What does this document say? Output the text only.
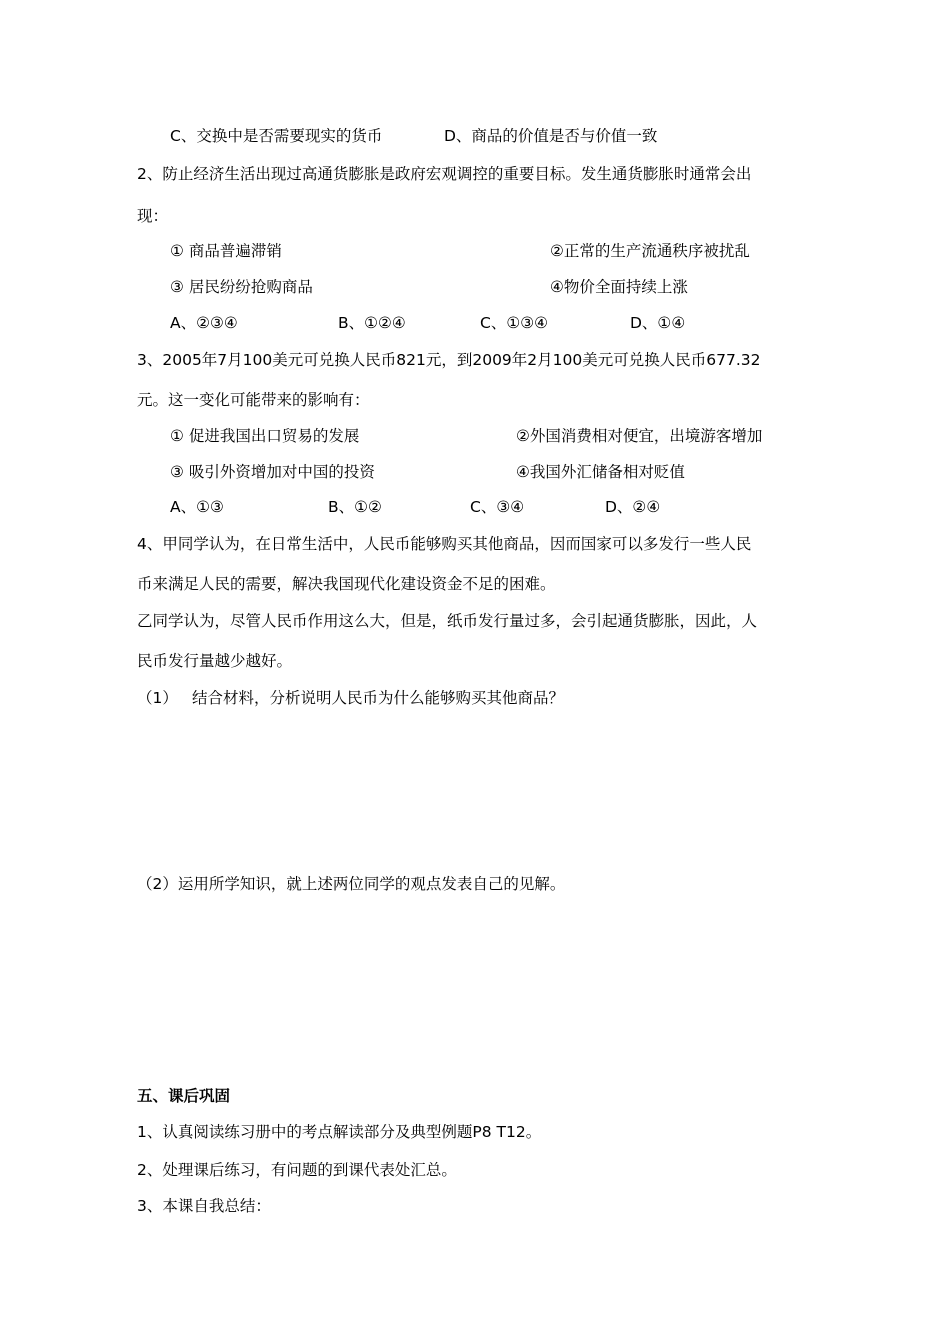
C、交换中是否需要现实的货币	D、商品的价值是否与价值一致
2、防止经济生活出现过高通货膨胀是政府宏观调控的重要目标。发生通货膨胀时通常会出
现：
① 商品普遍滞销	②正常的生产流通秩序被扰乱
③ 居民纷纷抢购商品	④物价全面持续上涨
A、②③④	B、①②④	C、①③④	D、①④
3、2005年7月100美元可兑换人民币821元，到2009年2月100美元可兑换人民币677.32
元。这一变化可能带来的影响有：
① 促进我国出口贸易的发展	②外国消费相对便宜，出境游客增加
③ 吸引外资增加对中国的投资	④我国外汇储备相对贬值
A、①③	B、①②	C、③④	D、②④
4、甲同学认为，在日常生活中，人民币能够购买其他商品，因而国家可以多发行一些人民
币来满足人民的需要，解决我国现代化建设资金不足的困难。
乙同学认为，尽管人民币作用这么大，但是，纸币发行量过多，会引起通货膨胀，因此，人
民币发行量越少越好。
（1） 结合材料，分析说明人民币为什么能够购买其他商品？
（2）运用所学知识，就上述两位同学的观点发表自己的见解。
五、课后巩固
1、认真阅读练习册中的考点解读部分及典型例题P8 T12。
2、处理课后练习，有问题的到课代表处汇总。
3、本课自我总结：
